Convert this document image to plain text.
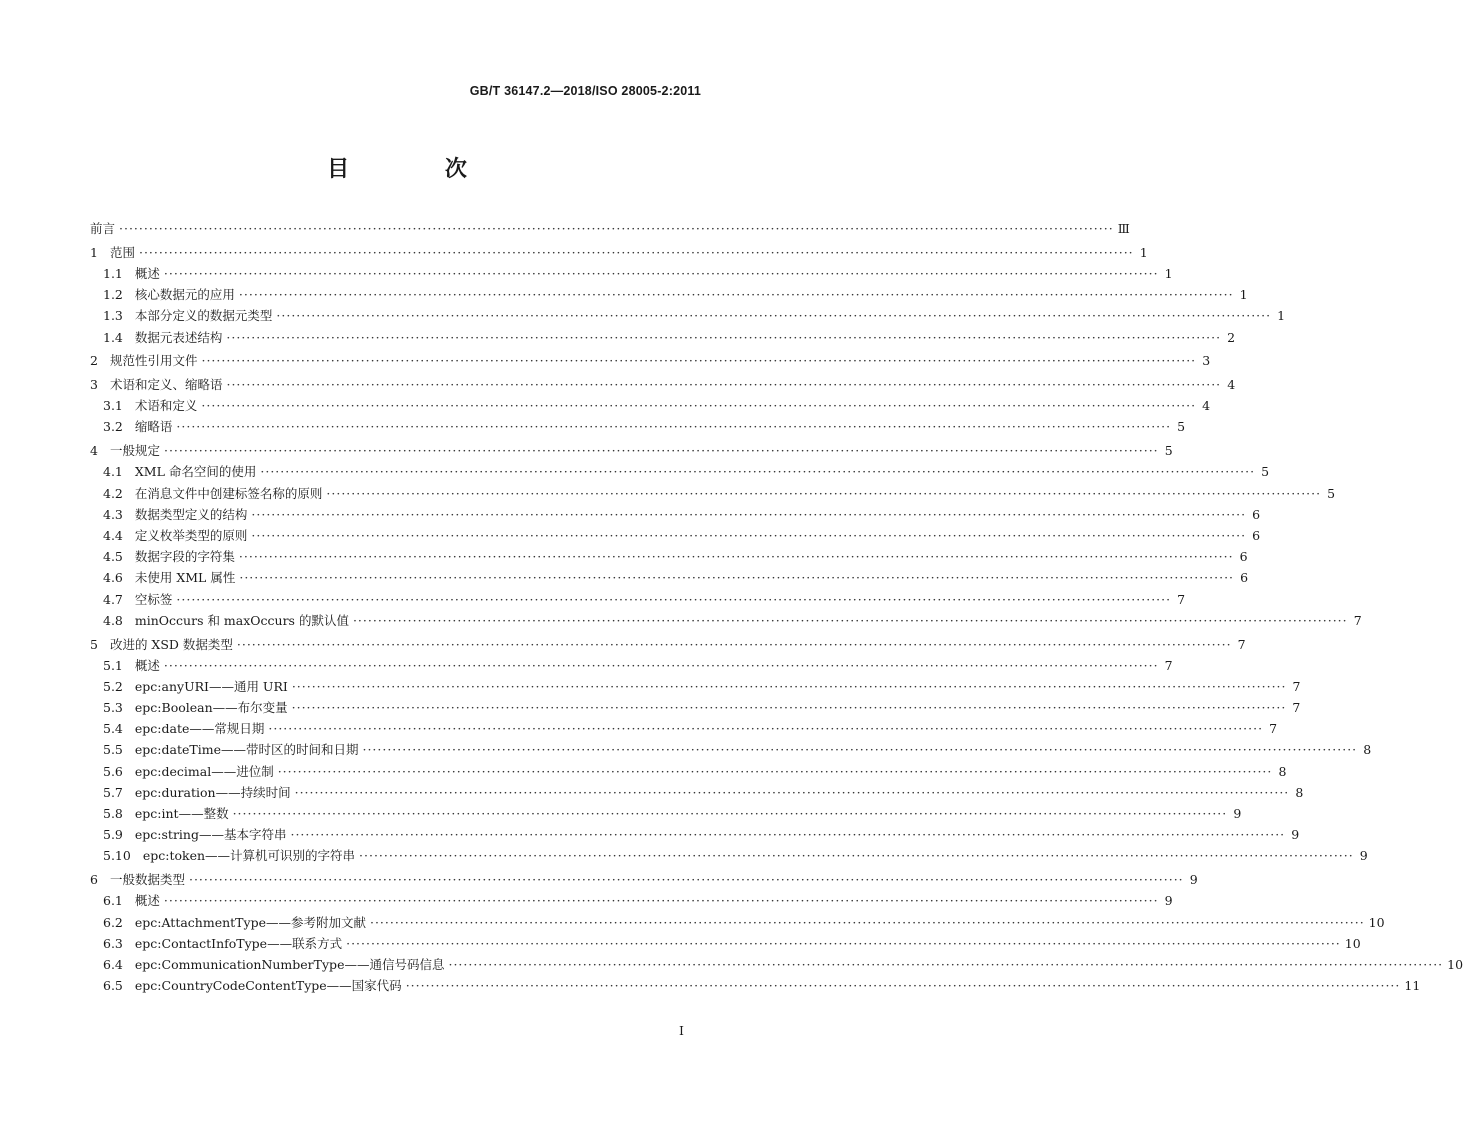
GB/T 36147.2—2018/ISO 28005-2:2011
目 次
前言 ········································································································································································································ Ⅲ
1 范围 ········································································································································································································ 1
1.1 概述 ········································································································································································································ 1
1.2 核心数据元的应用 ········································································································································································································ 1
1.3 本部分定义的数据元类型 ········································································································································································································ 1
1.4 数据元表述结构 ········································································································································································································ 2
2 规范性引用文件 ········································································································································································································ 3
3 术语和定义、缩略语 ········································································································································································································ 4
3.1 术语和定义 ········································································································································································································ 4
3.2 缩略语 ········································································································································································································ 5
4 一般规定 ········································································································································································································ 5
4.1 XML 命名空间的使用 ········································································································································································································ 5
4.2 在消息文件中创建标签名称的原则 ········································································································································································································ 5
4.3 数据类型定义的结构 ········································································································································································································ 6
4.4 定义枚举类型的原则 ········································································································································································································ 6
4.5 数据字段的字符集 ········································································································································································································ 6
4.6 未使用 XML 属性 ········································································································································································································ 6
4.7 空标签 ········································································································································································································ 7
4.8 minOccurs 和 maxOccurs 的默认值 ········································································································································································································ 7
5 改进的 XSD 数据类型 ········································································································································································································ 7
5.1 概述 ········································································································································································································ 7
5.2 epc:anyURI——通用 URI ········································································································································································································ 7
5.3 epc:Boolean——布尔变量 ········································································································································································································ 7
5.4 epc:date——常规日期 ········································································································································································································ 7
5.5 epc:dateTime——带时区的时间和日期 ········································································································································································································ 8
5.6 epc:decimal——进位制 ········································································································································································································ 8
5.7 epc:duration——持续时间 ········································································································································································································ 8
5.8 epc:int——整数 ········································································································································································································ 9
5.9 epc:string——基本字符串 ········································································································································································································ 9
5.10 epc:token——计算机可识别的字符串 ········································································································································································································ 9
6 一般数据类型 ········································································································································································································ 9
6.1 概述 ········································································································································································································ 9
6.2 epc:AttachmentType——参考附加文献 ········································································································································································································ 10
6.3 epc:ContactInfoType——联系方式 ········································································································································································································ 10
6.4 epc:CommunicationNumberType——通信号码信息 ········································································································································································································ 10
6.5 epc:CountryCodeContentType——国家代码 ········································································································································································································ 11
I
